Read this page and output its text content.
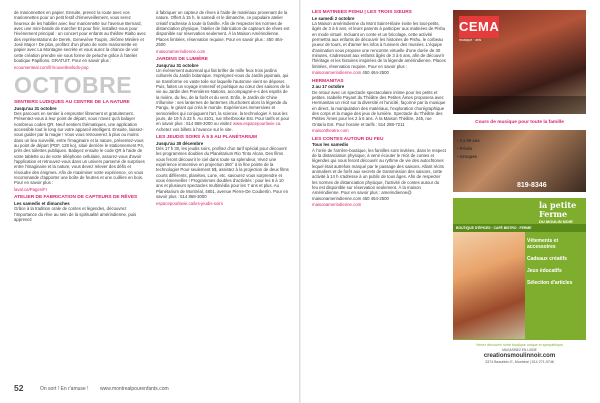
de marionnettes en papier. Ensuite, prenez la route avec vos marionnettes pour un petit festif d'émerveillement, vous serez heureux de les habiller avec leur marionnette sur l'avenue Bernard, avec une mini-bande de marche! Et pour finir, installez-vous pour l'événement principal : un concert pour enfants au théâtre Rialto avec des représentations de Derek, Geneviève Toupin, Jérôme Minière et José Major ! De plus, profitez d'un photo de votre marionnette en papier avec La Montagne secrète et vous aurez la chance de voir cette création prendre vie sous forme de peluche grâce à l'atelier boutique Papillons. GRATUIT. Pour en savoir plus :

ecoumenteal.com/fr/nouvelles/kids-pop

OCTOBRE
SENTIERS LUDIQUES AU CENTRE DE LA NATURE
Jusqu'au 31 octobre

Des parcours en sentier à emprunter librement et gratuitement. Présentez-vous à leur point de départ, vous n'avez qu'à balayer nombreux codes QR. Neuf sentiers thématiques, une application accessible tout le long sur votre appareil intelligent. Ensuite, laissez-vous guider par la magie ! Vous vous retrouverez à plus ou moins dans un lieu surveillé, entre l'imaginaire et la nature, présentez-vous au point de départ (PDF, 128 ko), situé derrière le stationnement P4, près des toilettes publiques. Balayez ensuite le code QR à l'aide de votre tablette ou de votre téléphone cellulaire, assurez-vous d'avoir l'application et retrouvez-vous dans un univers parsemé de surprises entre l'imaginaire et la nature, vous devez relever des défis et résoudre des énigmes. Afin de maximiser votre expérience, on vous recommande d'apporter une boîte de feutres et une cuillère en bois. Pour en savoir plus :

laval.ca/Pages/Fr

ATELIER DE FABRICATION DE CAPTEURS DE RÊVES
Les samedis et dimanches

Grâce à la tradition orale de contes et légendes, découvrez l'importance du rêve au sein de la spiritualité amérindienne, puis apprenez

à fabriquer un capteur de rêves à l'aide de matériaux provenant de la nature. Offert à 15 h, le samedi et le dimanche, ce populaire atelier créatif s'adresse à toute la famille. Afin de respecter les normes de distanciation physique, l'atelier de fabrication de capteurs de rêves est disponible sur réservation seulement. À la Maison Amérindienne. Places limitées, réservation requise. Pour en savoir plus : 450 464-2500

maisonamerindienne.com

JARDINS DE LUMIÈRE
Jusqu'au 31 octobre

Un événement automnal qui fait briller de mille feux trois jardins culturels du Jardin botanique. Imprégnez-vous du Jardin japonais, qui se transforme en vaste toile sur laquelle l'automne vient se déposer. Puis, faites un voyage immersif et poétique au cœur des saisons de la vie au Jardin des Premières-Nations, accompagné-e-s des esprits de la rivière, du feu, de la forêt et du vent. Enfin, le Jardin de Chine s'illumine : ses lanternes de lanternes chuchotent alors la légende du Pangu, le géant qui créa le monde. Expériences immersives et sensorielles qui conjuguent l'art, la science, la technologie! À tous les jours, de 19 h à 22 h. Au 4101, rue Sherbrooke Est. Pour tarifs et pour en savoir plus : 514 868-3000 ou visitez www.espacepourlavie.ca. Achetez vos billets à l'avance sur le site.

LES JEUDIS SOIRS À 5 $ AU PLANÉTARIUM
Jusqu'au 30 décembre

Dès 17 h 30, les jeudis soirs, profitez d'un tarif spécial pour découvrir les programmes doubles du Planétarium Rio Tinto Alcan. Des films vous feront découvrir le ciel dans toute sa splendeur. Vivez une expérience immersive en projection 360° à la fine pointe de la technologie! Pour seulement 5$, assistez à la projection de deux films courts différents, planètes, Lune, etc. savourez vous surprendre et vous émerveiller ! Programmes doubles d'activités : pour les 6 à 10 ans et plusieurs spectacles multimédia pour les 7 ans et plus. Au Planétarium de Montréal, 4801, avenue Pierre-De Coubertin. Pour en savoir plus : 514 868-3000

espacepourlavie.ca/les-jeudis-soirs

52	On sort ! En r'amuse ! www.montrealpourenfants.com
LES MATINÉES PISHU | LES TROIS SŒURS
Le samedi 2 octobre

La Maison amérindienne du Mont Saint-Hilaire invite les tout-petits, âgés de 3 à 6 ans, et leurs parents à participer aux matinées de Pishu en mode virtuel. Incluant un conte et un bricolage, cette activité permettra aux enfants de découvrir les histoires de Pishu, le corbeau joueur de tours, et d'aimer les infos à l'univers des musées. L'équipe d'animation vous propose une rencontre virtuelle d'une durée de 30 minutes, s'adressant aux enfants âgés de 3 à 6 ans, afin de découvrir l'héritage et les histoires inspirées de la légende amérindienne. Places limitées, réservation requise. Pour en savoir plus :

maisonamerindienne.com 450 464-2500

HERMANITAS
2 au 17 octobre

De retour avec un spectacle spectaculaire intime pour les petits et petites. Isabelle Payant du Théâtre des Petites Âmes proposera avec Hermanitas un récit sur la diversité et l'unicité, façonné par la musique en direct, la manipulation des matériaux, l'exploration chorégraphique des corps et la magie des jeux de lumière. Spectacle du Théâtre des Petites Âmes pour les 2 à 6 ans. À la Maison Théâtre, 245, rue Ontario Est. Pour horaire et tarifs : 514 288-7211

maisontheatre.com

LES CONTES AUTOUR DU FEU
Tous les samedis

À l'orée de l'arrière-boutique, les familles sont invitées, dans le respect de la distanciation physique, à venir écouter le récit de contes et légendes qui nous feront découvrir au rythme de vie des autochtones lequel était autrefois marqué par le passage des saisons. Allant récits animaliers et de forêt aux secrets de transmission des saisons, cette activité à 14 h s'adresse à un public de tous âges. Afin de respecter les normes de distanciation physique, l'activité de contes autour du feu est disponible sur réservation seulement. À la maison Amérindienne. Pour en savoir plus : amerindienne@ maisonamerindienne.com 450 464-2500

maisonamerindienne.com

CEMA
musique · arts
Cours de musique pour toute la famille
• 3 à 99 ans
• Privés
• Groupes
819-8346
la petite Ferme
DU MOULIN NOIR
BOUTIQUE D'ÉPICES · CAFÉ BISTRO · FERME
Vêtements et accessoires
Cadeaux créatifs
Jeux éducatifs
Sélection d'articles
Venez découvrir notre boutique unique et sympathique
MAGASINEZ EN LIGNE
creationsmoulinnoir.com
3374 Beaubien E, Montréal | 514 271-9746
